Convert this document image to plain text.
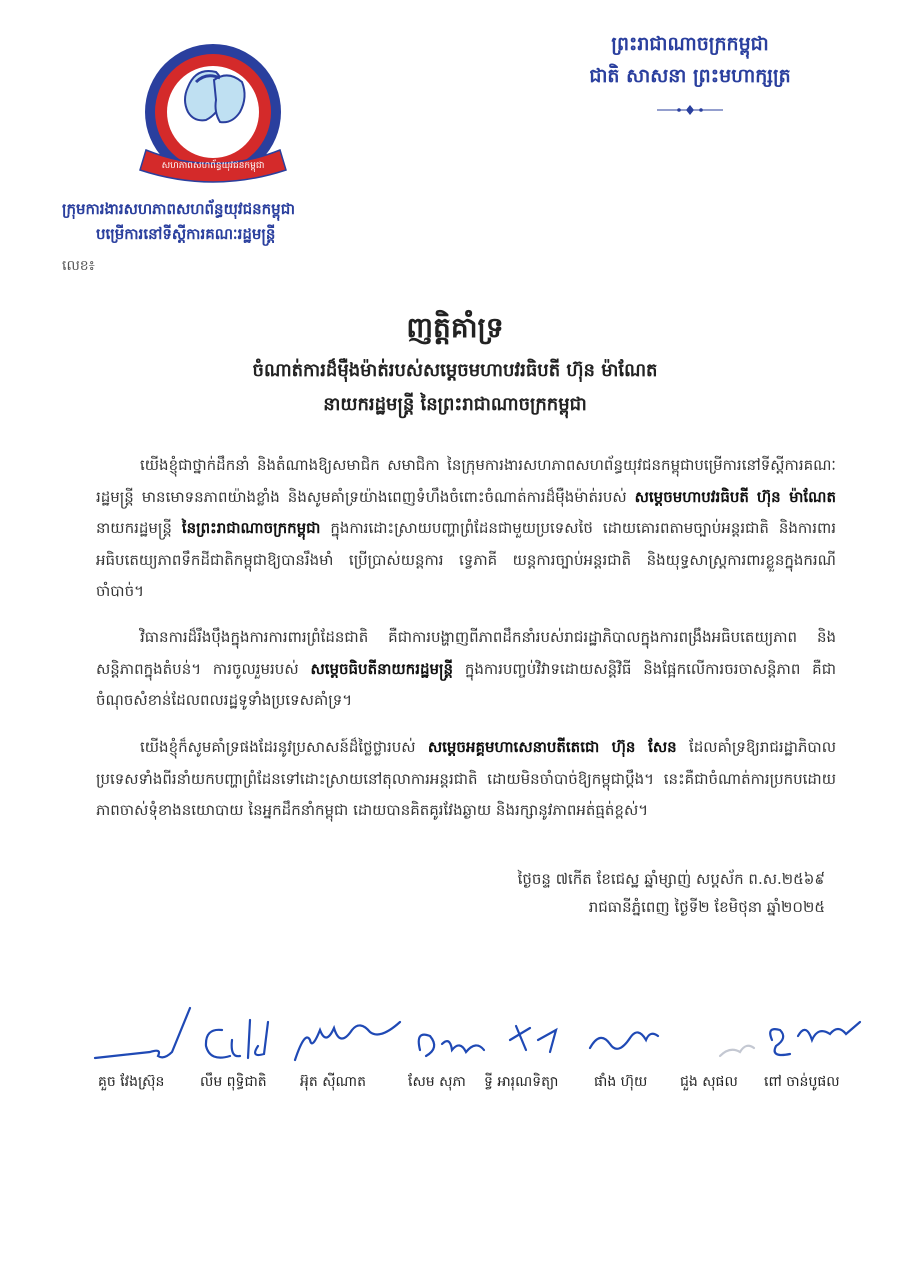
សហភាពសហព័ន្ធយុវជនកម្ពុជា
ក្រុមការងារសហភាពសហព័ន្ធយុវជនកម្ពុជា
បម្រើការនៅទីស្តីការគណៈរដ្ឋមន្ត្រី
លេខ៖
ព្រះរាជាណាចក្រកម្ពុជា
ជាតិ សាសនា ព្រះមហាក្សត្រ
ញត្តិគាំទ្រ
ចំណាត់ការដ៏ម៉ឺងម៉ាត់របស់សម្តេចមហាបវរធិបតី ហ៊ុន ម៉ាណែត
នាយករដ្ឋមន្ត្រី នៃព្រះរាជាណាចក្រកម្ពុជា
យើងខ្ញុំជាថ្នាក់ដឹកនាំ និងតំណាងឱ្យសមាជិក សមាជិកា នៃក្រុមការងារសហភាពសហព័ន្ធយុវជនកម្ពុជាបម្រើការនៅទីស្តីការគណៈរដ្ឋមន្ត្រី មានមោទនភាពយ៉ាងខ្លាំង និងសូមគាំទ្រយ៉ាងពេញទំហឹងចំពោះចំណាត់ការដ៏ម៉ឺងម៉ាត់របស់ សម្តេចមហាបវរធិបតី ហ៊ុន ម៉ាណែត នាយករដ្ឋមន្ត្រី នៃព្រះរាជាណាចក្រកម្ពុជា ក្នុងការដោះស្រាយបញ្ហាព្រំដែនជាមួយប្រទេសថៃ ដោយគោរពតាមច្បាប់អន្តរជាតិ និងការពារអធិបតេយ្យភាពទឹកដីជាតិកម្ពុជាឱ្យបានរឹងមាំ ប្រើប្រាស់យន្តការ ទ្វេភាគី យន្តការច្បាប់អន្តរជាតិ និងយុទ្ធសាស្ត្រការពារខ្លួនក្នុងករណីចាំបាច់។
វិធានការដ៏រឹងប៉ឹងក្នុងការការពារព្រំដែនជាតិ គឺជាការបង្ហាញពីភាពដឹកនាំរបស់រាជរដ្ឋាភិបាលក្នុងការពង្រឹងអធិបតេយ្យភាព និងសន្តិភាពក្នុងតំបន់។ ការចូលរួមរបស់ សម្តេចធិបតីនាយករដ្ឋមន្ត្រី ក្នុងការបញ្ចប់វិវាទដោយសន្តិវិធី និងផ្អែកលើការចរចាសន្តិភាព គឺជាចំណុចសំខាន់ដែលពលរដ្ឋទូទាំងប្រទេសគាំទ្រ។
យើងខ្ញុំក៏សូមគាំទ្រផងដែរនូវប្រសាសន៍ដ៏ថ្លៃថ្លារបស់ សម្តេចអគ្គមហាសេនាបតីតេជោ ហ៊ុន សែន ដែលគាំទ្រឱ្យរាជរដ្ឋាភិបាលប្រទេសទាំងពីរនាំយកបញ្ហាព្រំដែនទៅដោះស្រាយនៅតុលាការអន្តរជាតិ ដោយមិនចាំបាច់ឱ្យកម្ពុជាប្តឹង។ នេះគឺជាចំណាត់ការប្រកបដោយភាពចាស់ទុំខាងនយោបាយ នៃអ្នកដឹកនាំកម្ពុជា ដោយបានគិតគូរវែងឆ្ងាយ និងរក្សានូវភាពអត់ធ្មត់ខ្ពស់។
ថ្ងៃចន្ទ ៧កើត ខែជេស្ឋ ឆ្នាំម្សាញ់ សប្តស័ក ព.ស.២៥៦៩
រាជធានីភ្នំពេញ ថ្ងៃទី២ ខែមិថុនា ឆ្នាំ២០២៥
គួច វែងស្រ៊ុន	លឹម ពុទ្ធិជាតិ អ៊ុត ស៊ីណាត	សែម សុភា ទ្វី អារុណទិត្យា	ផាំង ហ៊ុយ ជួង សុផល ពៅ ចាន់បូផល
